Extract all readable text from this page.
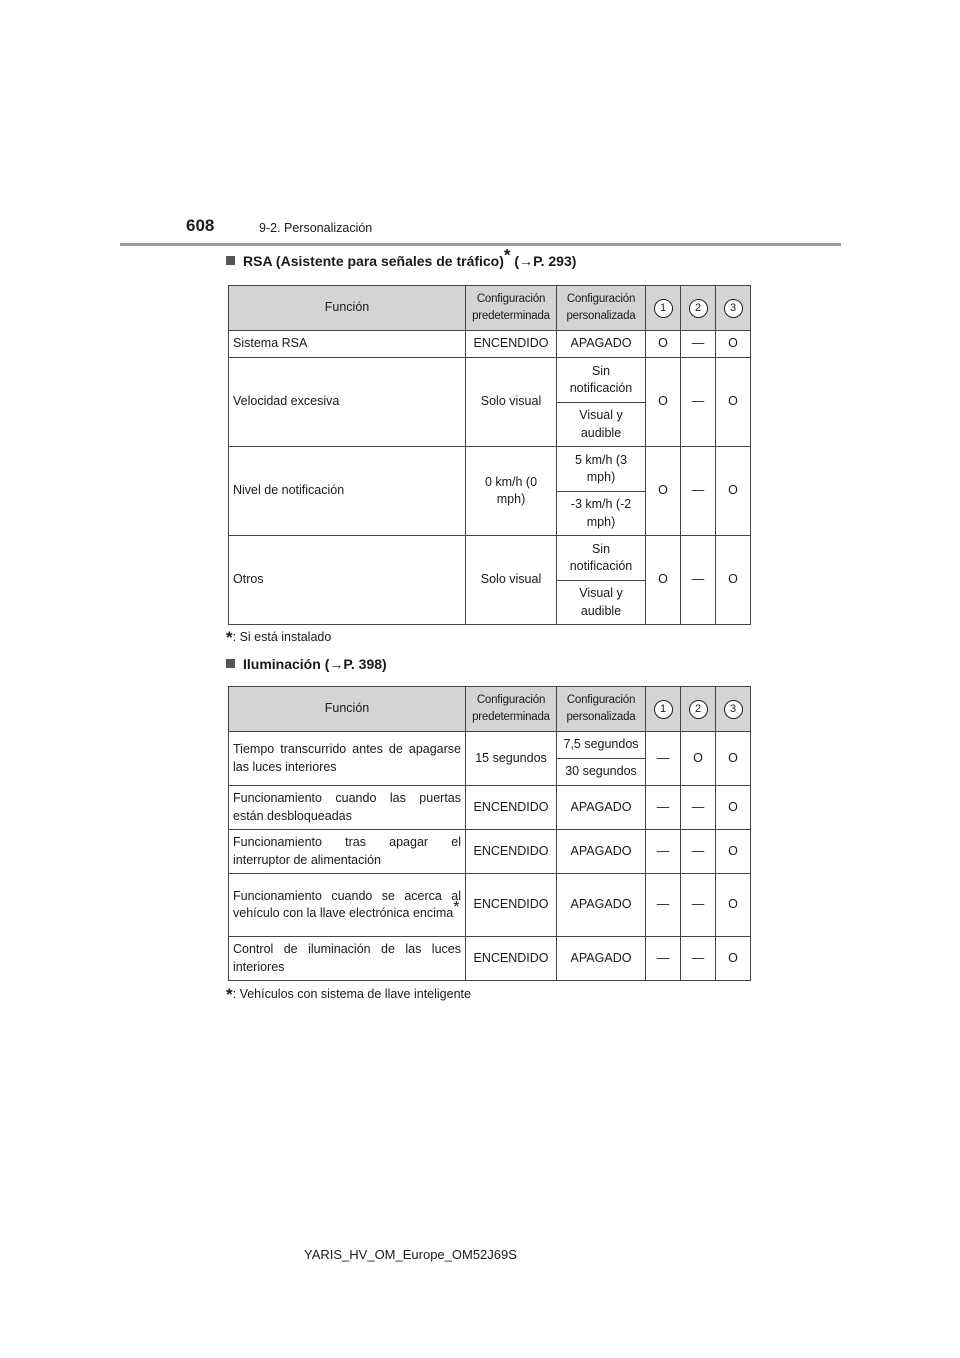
608	9-2. Personalización
RSA (Asistente para señales de tráfico)* (→P. 293)
Función	Configuración predeterminada	Configuración personalizada	1	2	3
Sistema RSA	ENCENDIDO	APAGADO	O	—	O
Velocidad excesiva	Solo visual	Sin notificación	O	—	O
		Visual y audible			
Nivel de notificación	0 km/h (0 mph)	5 km/h (3 mph)	O	—	O
		-3 km/h (-2 mph)			
Otros	Solo visual	Sin notificación	O	—	O
		Visual y audible			
*: Si está instalado
Iluminación (→P. 398)
Función	Configuración predeterminada	Configuración personalizada	1	2	3
Tiempo transcurrido antes de apagarse las luces interiores	15 segundos	7,5 segundos	—	O	O
		30 segundos			
Funcionamiento cuando las puertas están desbloqueadas	ENCENDIDO	APAGADO	—	—	O
Funcionamiento tras apagar el interruptor de alimentación	ENCENDIDO	APAGADO	—	—	O
Funcionamiento cuando se acerca al vehículo con la llave electrónica encima*	ENCENDIDO	APAGADO	—	—	O
Control de iluminación de las luces interiores	ENCENDIDO	APAGADO	—	—	O
*: Vehículos con sistema de llave inteligente
YARIS_HV_OM_Europe_OM52J69S
